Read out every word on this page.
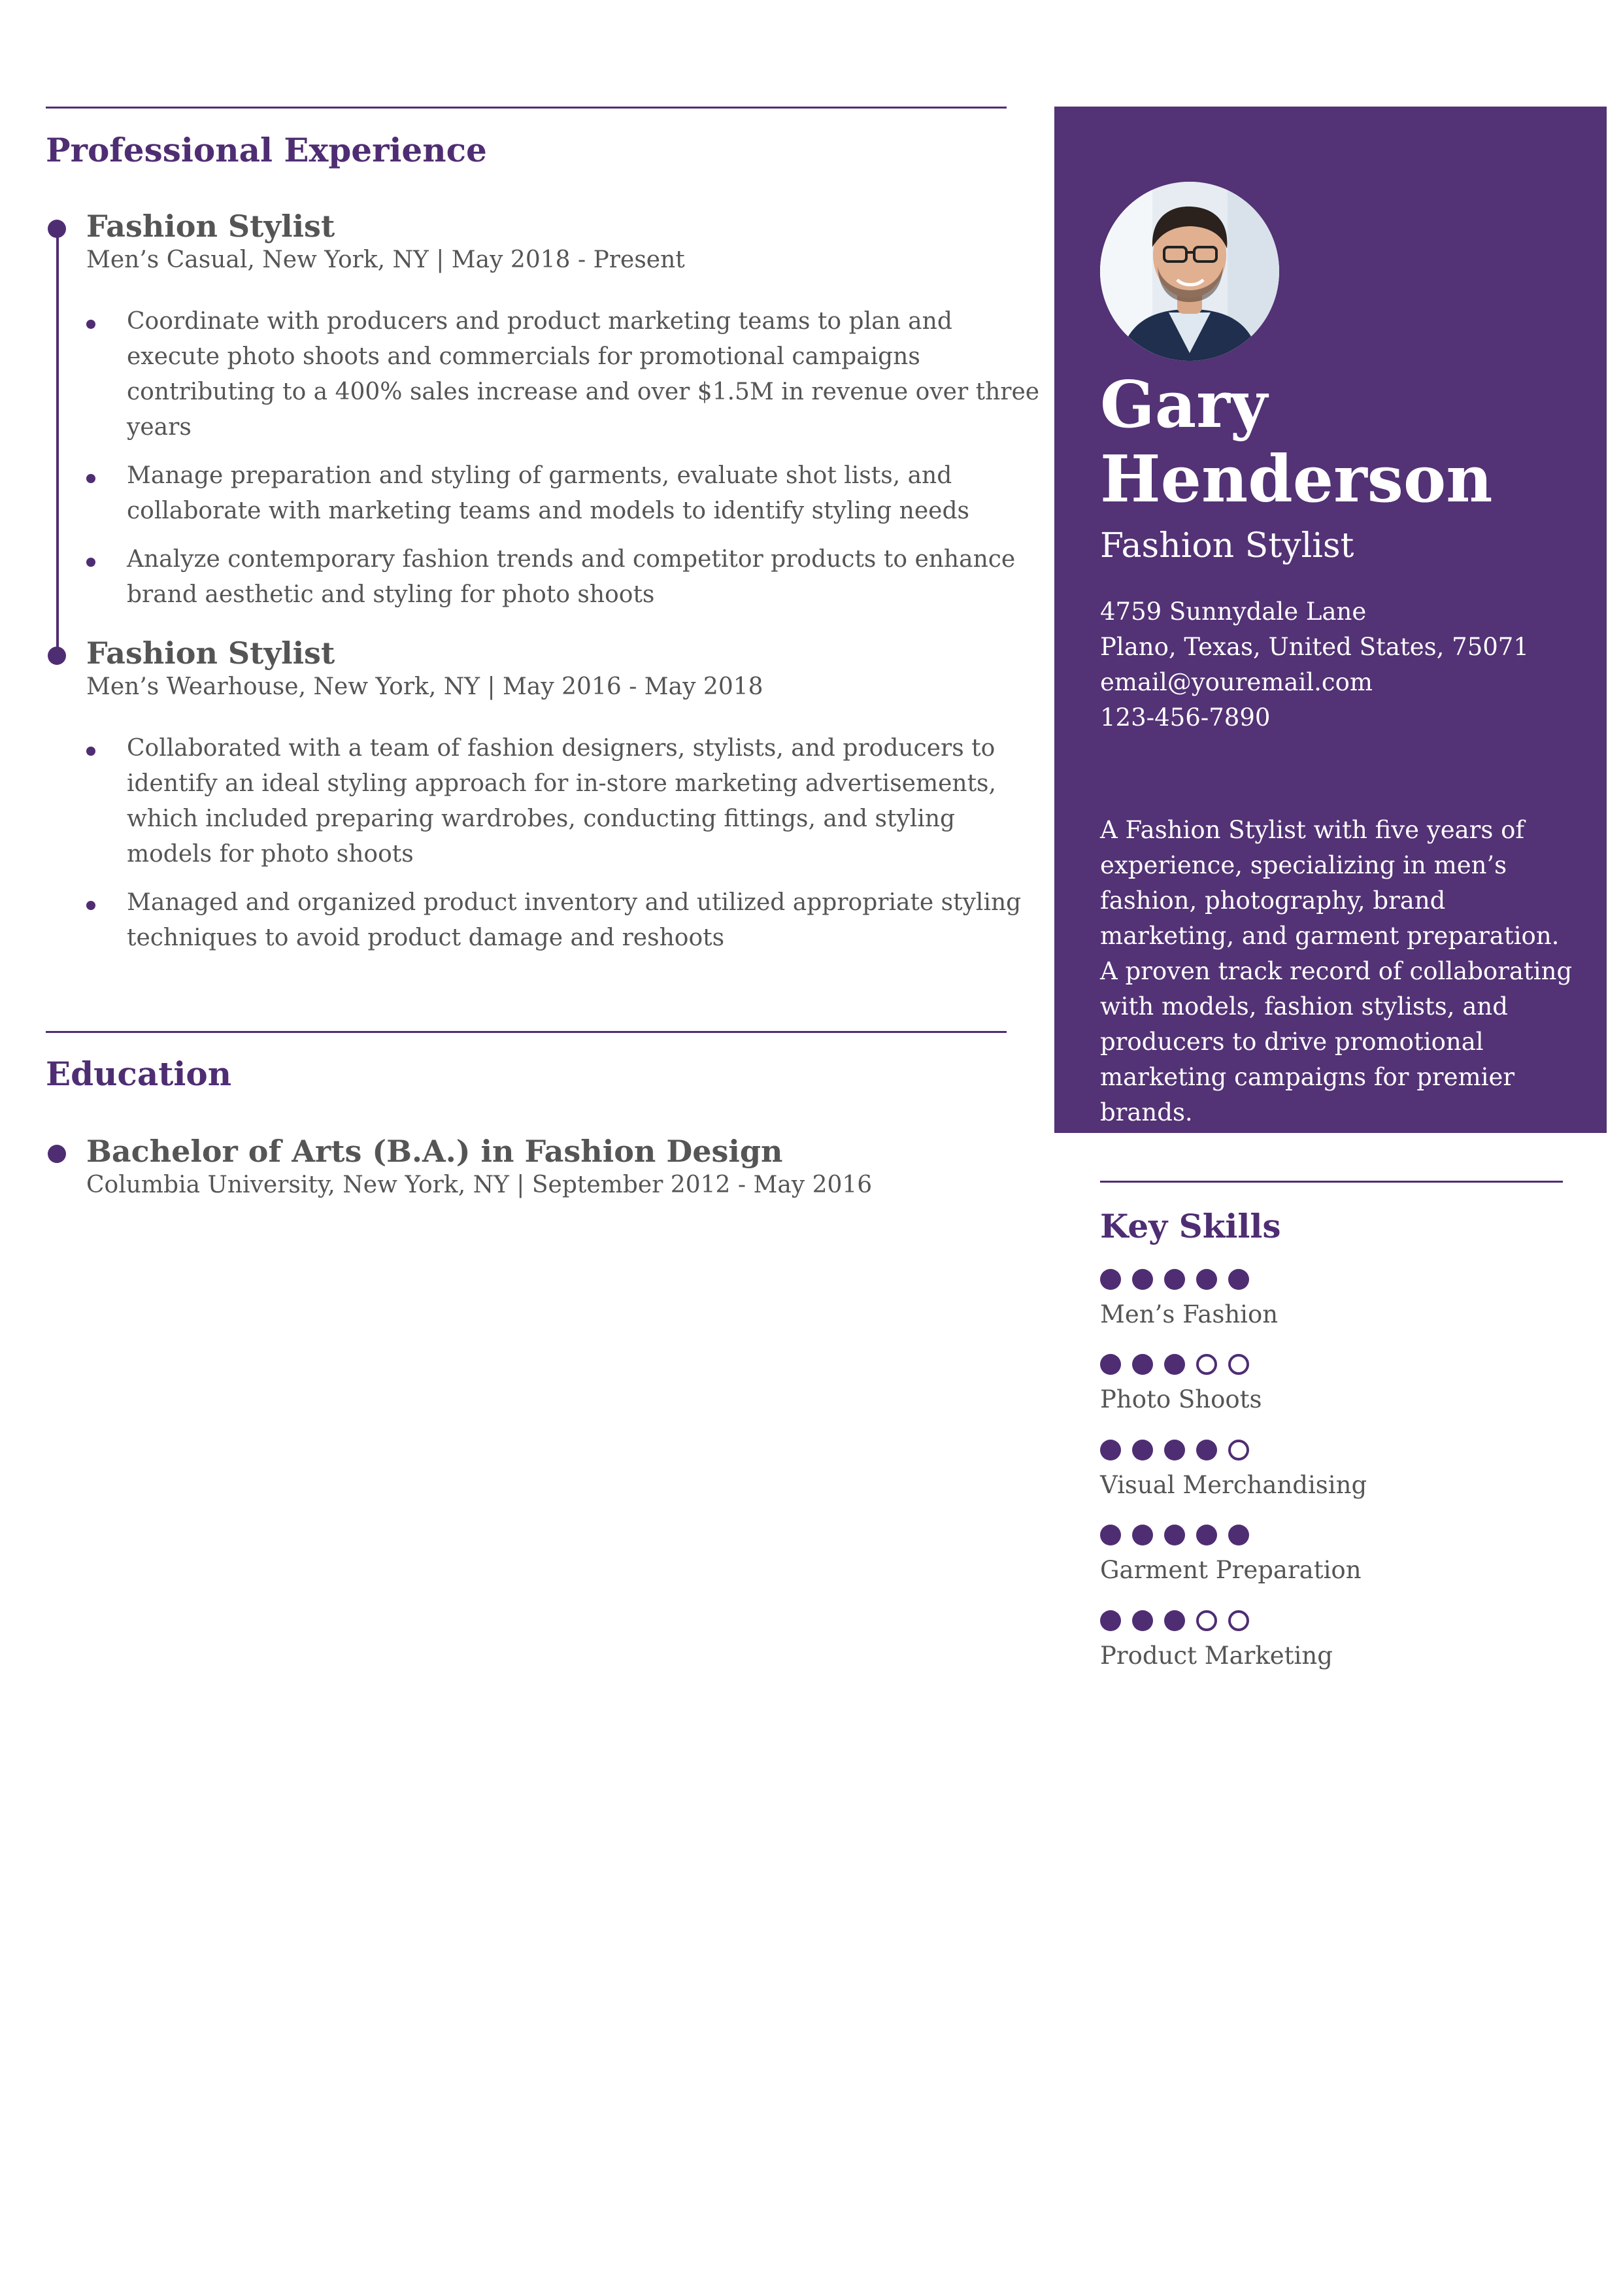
Professional Experience
Fashion Stylist
Men’s Casual, New York, NY | May 2018 - Present
Coordinate with producers and product marketing teams to plan and execute photo shoots and commercials for promotional campaigns contributing to a 400% sales increase and over $1.5M in revenue over three years
Manage preparation and styling of garments, evaluate shot lists, and collaborate with marketing teams and models to identify styling needs
Analyze contemporary fashion trends and competitor products to enhance brand aesthetic and styling for photo shoots
Fashion Stylist
Men’s Wearhouse, New York, NY | May 2016 - May 2018
Collaborated with a team of fashion designers, stylists, and producers to identify an ideal styling approach for in-store marketing advertisements, which included preparing wardrobes, conducting fittings, and styling models for photo shoots
Managed and organized product inventory and utilized appropriate styling techniques to avoid product damage and reshoots
Education
Bachelor of Arts (B.A.) in Fashion Design
Columbia University, New York, NY | September 2012 - May 2016
Gary
Henderson
Fashion Stylist
4759 Sunnydale Lane
Plano, Texas, United States, 75071
email@youremail.com
123-456-7890
A Fashion Stylist with five years of experience, specializing in men’s fashion, photography, brand marketing, and garment preparation. A proven track record of collaborating with models, fashion stylists, and producers to drive promotional marketing campaigns for premier brands.
Key Skills
Men’s Fashion
Photo Shoots
Visual Merchandising
Garment Preparation
Product Marketing
